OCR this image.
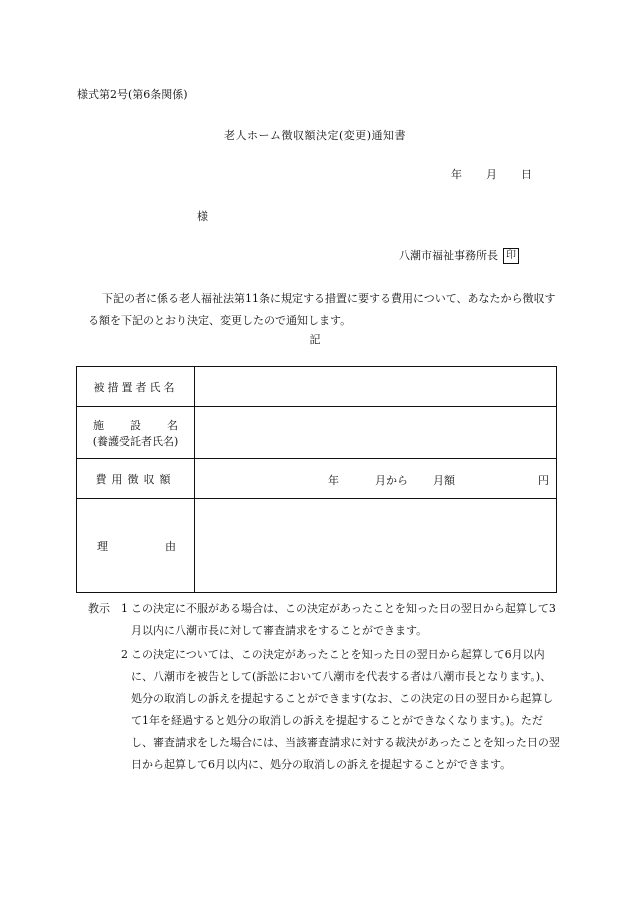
様式第2号(第6条関係)
老人ホーム徴収額決定(変更)通知書
年 月 日
様
八潮市福祉事務所長 印
下記の者に係る老人福祉法第11条に規定する措置に要する費用について、あなたから徴収する額を下記のとおり決定、変更したので通知します。
記
被措置者氏名	

施 設 名
(養護受託者氏名)	

費用徴収額	年 月から 月額 円

理 由	

教示 1 この決定に不服がある場合は、この決定があったことを知った日の翌日から起算して3月以内に八潮市長に対して審査請求をすることができます。
2 この決定については、この決定があったことを知った日の翌日から起算して6月以内に、八潮市を被告として(訴訟において八潮市を代表する者は八潮市長となります。)、処分の取消しの訴えを提起することができます(なお、この決定の日の翌日から起算して1年を経過すると処分の取消しの訴えを提起することができなくなります。)。ただし、審査請求をした場合には、当該審査請求に対する裁決があったことを知った日の翌日から起算して6月以内に、処分の取消しの訴えを提起することができます。
